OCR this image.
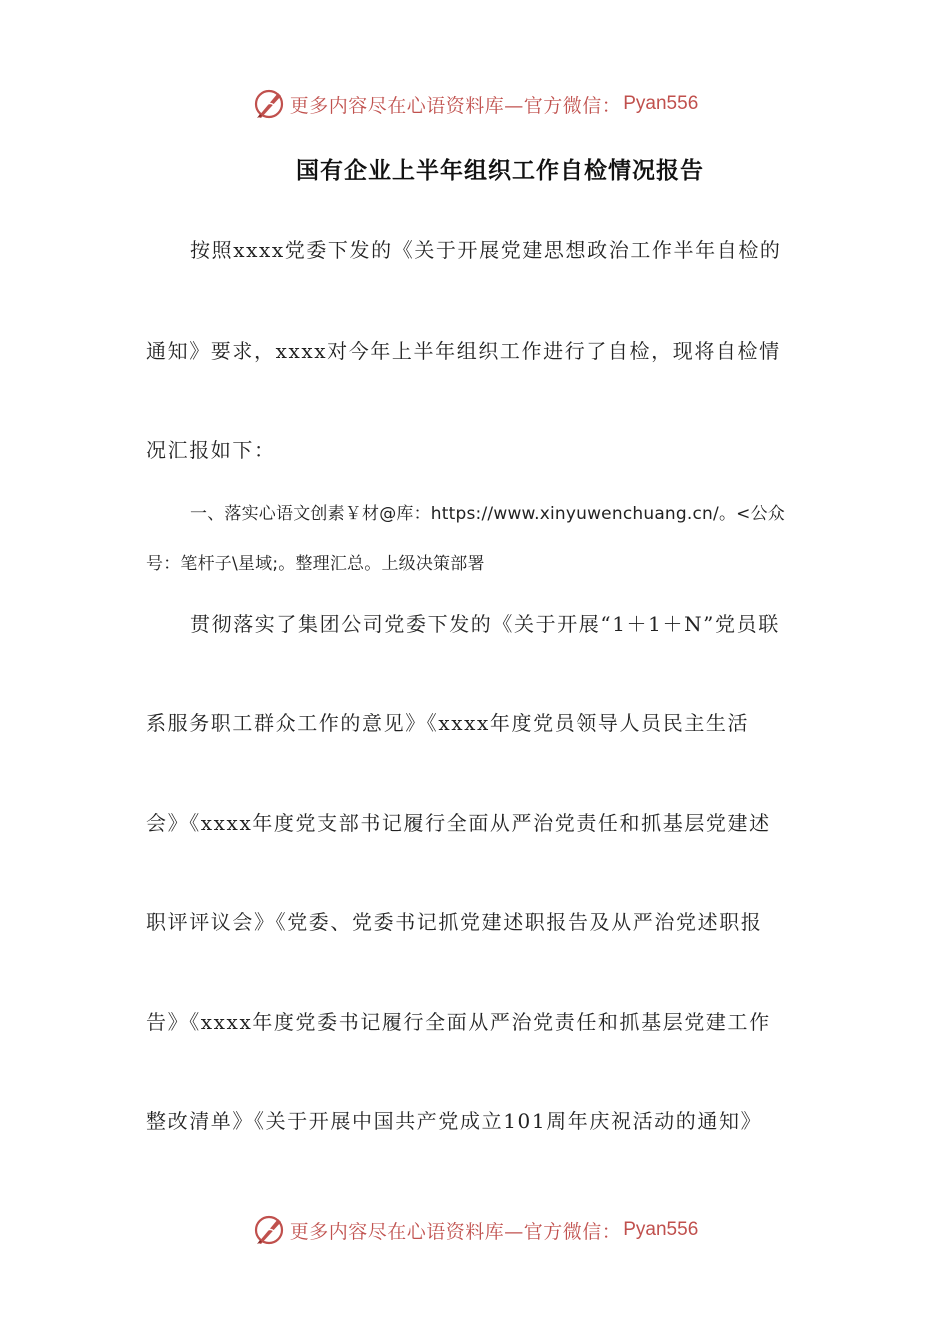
更多内容尽在心语资料库—官方微信： Pyan556
国有企业上半年组织工作自检情况报告
按照xxxx党委下发的《关于开展党建思想政治工作半年自检的
通知》要求，xxxx对今年上半年组织工作进行了自检，现将自检情
况汇报如下：
一、落实心语文创素￥材@库：https://www.xinyuwenchuang.cn/。<公众
号：笔杆子\星域;。整理汇总。上级决策部署
贯彻落实了集团公司党委下发的《关于开展“1＋1＋N”党员联
系服务职工群众工作的意见》《xxxx年度党员领导人员民主生活
会》《xxxx年度党支部书记履行全面从严治党责任和抓基层党建述
职评评议会》《党委、党委书记抓党建述职报告及从严治党述职报
告》《xxxx年度党委书记履行全面从严治党责任和抓基层党建工作
整改清单》《关于开展中国共产党成立101周年庆祝活动的通知》
更多内容尽在心语资料库—官方微信： Pyan556
